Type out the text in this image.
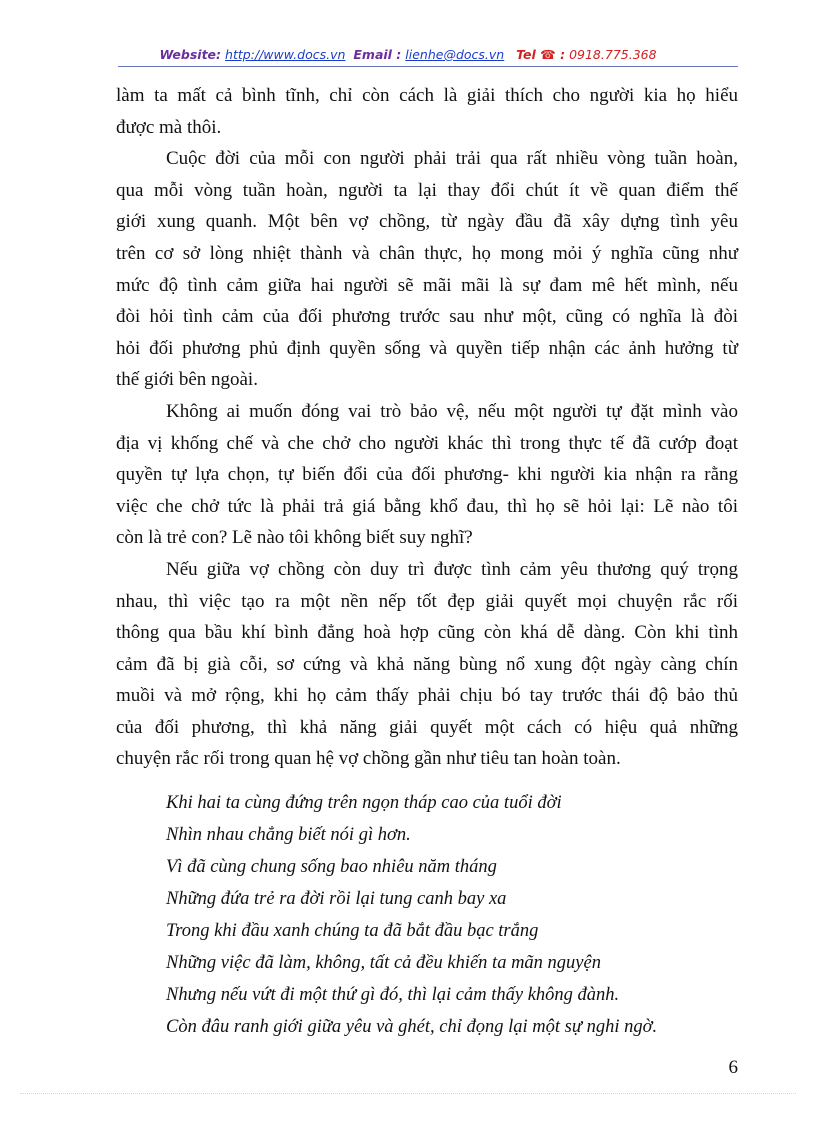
Website: http://www.docs.vn Email : lienhe@docs.vn Tel ☎ : 0918.775.368
làm ta mất cả bình tĩnh, chỉ còn cách là giải thích cho người kia họ hiểu
được mà thôi.
Cuộc đời của mỗi con người phải trải qua rất nhiều vòng tuần hoàn,
qua mỗi vòng tuần hoàn, người ta lại thay đổi chút ít về quan điểm thế
giới xung quanh. Một bên vợ chồng, từ ngày đầu đã xây dựng tình yêu
trên cơ sở lòng nhiệt thành và chân thực, họ mong mỏi ý nghĩa cũng như
mức độ tình cảm giữa hai người sẽ mãi mãi là sự đam mê hết mình, nếu
đòi hỏi tình cảm của đối phương trước sau như một, cũng có nghĩa là đòi
hỏi đối phương phủ định quyền sống và quyền tiếp nhận các ảnh hưởng từ
thế giới bên ngoài.
Không ai muốn đóng vai trò bảo vệ, nếu một người tự đặt mình vào
địa vị khống chế và che chở cho người khác thì trong thực tế đã cướp đoạt
quyền tự lựa chọn, tự biến đổi của đối phương- khi người kia nhận ra rằng
việc che chở tức là phải trả giá bằng khổ đau, thì họ sẽ hỏi lại: Lẽ nào tôi
còn là trẻ con? Lẽ nào tôi không biết suy nghĩ?
Nếu giữa vợ chồng còn duy trì được tình cảm yêu thương quý trọng
nhau, thì việc tạo ra một nền nếp tốt đẹp giải quyết mọi chuyện rắc rối
thông qua bầu khí bình đẳng hoà hợp cũng còn khá dễ dàng. Còn khi tình
cảm đã bị già cỗi, sơ cứng và khả năng bùng nổ xung đột ngày càng chín
muồi và mở rộng, khi họ cảm thấy phải chịu bó tay trước thái độ bảo thủ
của đối phương, thì khả năng giải quyết một cách có hiệu quả những
chuyện rắc rối trong quan hệ vợ chồng gần như tiêu tan hoàn toàn.
Khi hai ta cùng đứng trên ngọn tháp cao của tuổi đời
Nhìn nhau chẳng biết nói gì hơn.
Vì đã cùng chung sống bao nhiêu năm tháng
Những đứa trẻ ra đời rồi lại tung canh bay xa
Trong khi đầu xanh chúng ta đã bắt đầu bạc trắng
Những việc đã làm, không, tất cả đều khiến ta mãn nguyện
Nhưng nếu vứt đi một thứ gì đó, thì lại cảm thấy không đành.
Còn đâu ranh giới giữa yêu và ghét, chỉ đọng lại một sự nghi ngờ.
6
